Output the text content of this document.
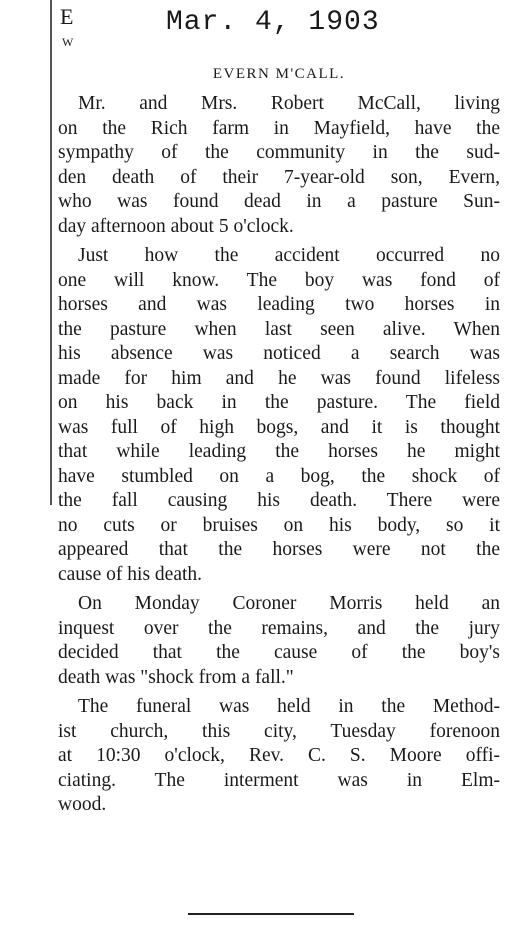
E
W
Mar. 4, 1903
EVERN M'CALL.
Mr. and Mrs. Robert McCall, living
on the Rich farm in Mayfield, have the
sympathy of the community in the sud-
den death of their 7-year-old son, Evern,
who was found dead in a pasture Sun-
day afternoon about 5 o'clock.
Just how the accident occurred no
one will know. The boy was fond of
horses and was leading two horses in
the pasture when last seen alive. When
his absence was noticed a search was
made for him and he was found lifeless
on his back in the pasture. The field
was full of high bogs, and it is thought
that while leading the horses he might
have stumbled on a bog, the shock of
the fall causing his death. There were
no cuts or bruises on his body, so it
appeared that the horses were not the
cause of his death.
On Monday Coroner Morris held an
inquest over the remains, and the jury
decided that the cause of the boy's
death was "shock from a fall."
The funeral was held in the Method-
ist church, this city, Tuesday forenoon
at 10:30 o'clock, Rev. C. S. Moore offi-
ciating. The interment was in Elm-
wood.
